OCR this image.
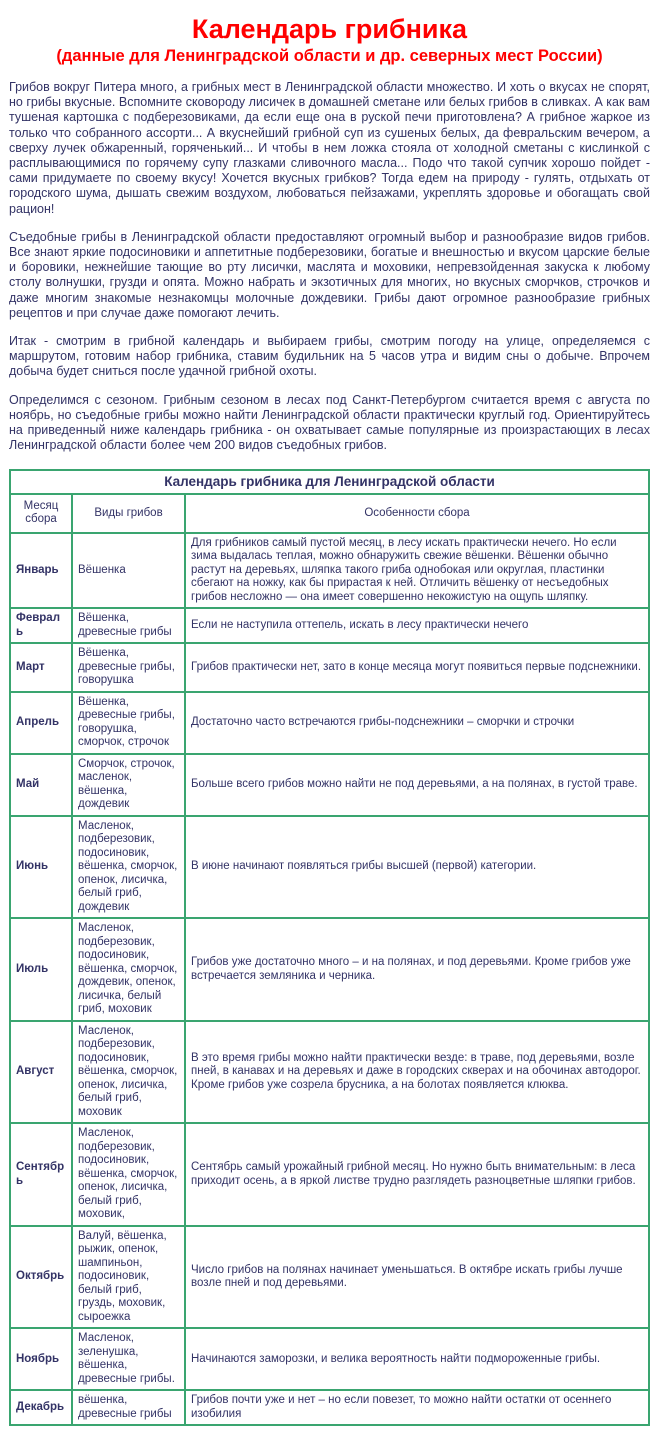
Календарь грибника
(данные для Ленинградской области и др. северных мест России)

Грибов вокруг Питера много, а грибных мест в Ленинградской области множество. И хоть о вкусах не спорят, но грибы вкусные. Вспомните сковороду лисичек в домашней сметане или белых грибов в сливках. А как вам тушеная картошка с подберезовиками, да если еще она в руской печи приготовлена? А грибное жаркое из только что собранного ассорти... А вкуснейший грибной суп из сушеных белых, да февральским вечером, а сверху лучек обжаренный, горяченький... И чтобы в нем ложка стояла от холодной сметаны с кислинкой с расплывающимися по горячему супу глазками сливочного масла... Подо что такой супчик хорошо пойдет - сами придумаете по своему вкусу! Хочется вкусных грибков? Тогда едем на природу - гулять, отдыхать от городского шума, дышать свежим воздухом, любоваться пейзажами, укреплять здоровье и обогащать свой рацион!

Съедобные грибы в Ленинградской области предоставляют огромный выбор и разнообразие видов грибов. Все знают яркие подосиновики и аппетитные подберезовики, богатые и внешностью и вкусом царские белые и боровики, нежнейшие тающие во рту лисички, маслята и моховики, непревзойденная закуска к любому столу волнушки, грузди и опята. Можно набрать и экзотичных для многих, но вкусных сморчков, строчков и даже многим знакомые незнакомцы молочные дождевики. Грибы дают огромное разнообразие грибных рецептов и при случае даже помогают лечить.

Итак - смотрим в грибной календарь и выбираем грибы, смотрим погоду на улице, определяемся с маршрутом, готовим набор грибника, ставим будильник на 5 часов утра и видим сны о добыче. Впрочем добыча будет сниться после удачной грибной охоты.

Определимся с сезоном. Грибным сезоном в лесах под Санкт-Петербургом считается время с августа по ноябрь, но съедобные грибы можно найти Ленинградской области практически круглый год. Ориентируйтесь на приведенный ниже календарь грибника - он охватывает самые популярные из произрастающих в лесах Ленинградской области более чем 200 видов съедобных грибов.

Календарь грибника для Ленинградской области		
Месяц сбора	Виды грибов	Особенности сбора
Январь	Вёшенка	Для грибников самый пустой месяц, в лесу искать практически нечего. Но если зима выдалась теплая, можно обнаружить свежие вёшенки. Вёшенки обычно растут на деревьях, шляпка такого гриба однобокая или округлая, пластинки сбегают на ножку, как бы прирастая к ней. Отличить вёшенку от несъедобных грибов несложно — она имеет совершенно некожистую на ощупь шляпку.
Февраль	Вёшенка, древесные грибы	Если не наступила оттепель, искать в лесу практически нечего
Март	Вёшенка, древесные грибы, говорушка	Грибов практически нет, зато в конце месяца могут появиться первые подснежники.
Апрель	Вёшенка, древесные грибы, говорушка, сморчок, строчок	Достаточно часто встречаются грибы-подснежники – сморчки и строчки
Май	Сморчок, строчок, масленок, вёшенка, дождевик	Больше всего грибов можно найти не под деревьями, а на полянах, в густой траве.
Июнь	Масленок, подберезовик, подосиновик, вёшенка, сморчок, опенок, лисичка, белый гриб, дождевик	В июне начинают появляться грибы высшей (первой) категории.
Июль	Масленок, подберезовик, подосиновик, вёшенка, сморчок, дождевик, опенок, лисичка, белый гриб, моховик	Грибов уже достаточно много – и на полянах, и под деревьями. Кроме грибов уже встречается земляника и черника.
Август	Масленок, подберезовик, подосиновик, вёшенка, сморчок, опенок, лисичка, белый гриб, моховик	В это время грибы можно найти практически везде: в траве, под деревьями, возле пней, в канавах и на деревьях и даже в городских скверах и на обочинах автодорог. Кроме грибов уже созрела брусника, а на болотах появляется клюква.
Сентябрь	Масленок, подберезовик, подосиновик, вёшенка, сморчок, опенок, лисичка, белый гриб, моховик,	Сентябрь самый урожайный грибной месяц. Но нужно быть внимательным: в леса приходит осень, а в яркой листве трудно разглядеть разноцветные шляпки грибов.
Октябрь	Валуй, вёшенка, рыжик, опенок, шампиньон, подосиновик, белый гриб, груздь, моховик, сыроежка	Число грибов на полянах начинает уменьшаться. В октябре искать грибы лучше возле пней и под деревьями.
Ноябрь	Масленок, зеленушка, вёшенка, древесные грибы.	Начинаются заморозки, и велика вероятность найти подмороженные грибы.
Декабрь	вёшенка, древесные грибы	Грибов почти уже и нет – но если повезет, то можно найти остатки от осеннего изобилия
